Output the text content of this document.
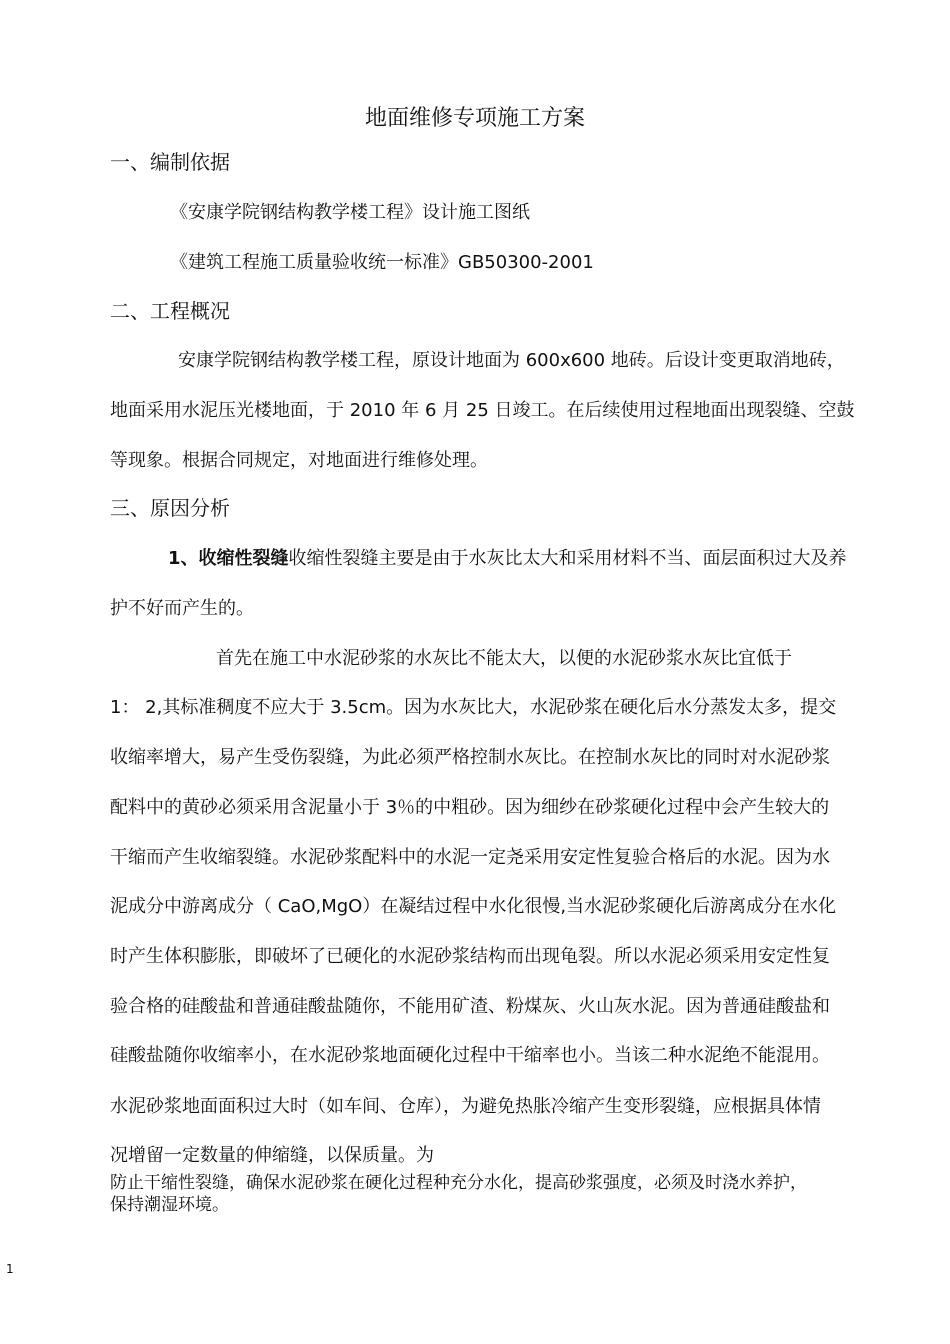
地面维修专项施工方案
一、编制依据
《安康学院钢结构教学楼工程》设计施工图纸
《建筑工程施工质量验收统一标准》GB50300-2001
二、工程概况
安康学院钢结构教学楼工程，原设计地面为 600x600 地砖。后设计变更取消地砖，
地面采用水泥压光楼地面，于 2010 年 6 月 25 日竣工。在后续使用过程地面出现裂缝、空鼓
等现象。根据合同规定，对地面进行维修处理。
三、原因分析
1、收缩性裂缝收缩性裂缝主要是由于水灰比太大和采用材料不当、面层面积过大及养
护不好而产生的。
首先在施工中水泥砂浆的水灰比不能太大，以便的水泥砂浆水灰比宜低于
1： 2,其标准稠度不应大于 3.5cm。因为水灰比大，水泥砂浆在硬化后水分蒸发太多，提交
收缩率增大，易产生受伤裂缝，为此必须严格控制水灰比。在控制水灰比的同时对水泥砂浆
配料中的黄砂必须采用含泥量小于 3％的中粗砂。因为细纱在砂浆硬化过程中会产生较大的
干缩而产生收缩裂缝。水泥砂浆配料中的水泥一定尧采用安定性复验合格后的水泥。因为水
泥成分中游离成分（ CaO,MgO）在凝结过程中水化很慢,当水泥砂浆硬化后游离成分在水化
时产生体积膨胀，即破坏了已硬化的水泥砂浆结构而出现龟裂。所以水泥必须采用安定性复
验合格的硅酸盐和普通硅酸盐随你，不能用矿渣、粉煤灰、火山灰水泥。因为普通硅酸盐和
硅酸盐随你收缩率小，在水泥砂浆地面硬化过程中干缩率也小。当该二种水泥绝不能混用。
水泥砂浆地面面积过大时（如车间、仓库），为避免热胀冷缩产生变形裂缝，应根据具体情
况增留一定数量的伸缩缝，以保质量。为
防止干缩性裂缝，确保水泥砂浆在硬化过程种充分水化，提高砂浆强度，必须及时浇水养护，
保持潮湿环境。
1
